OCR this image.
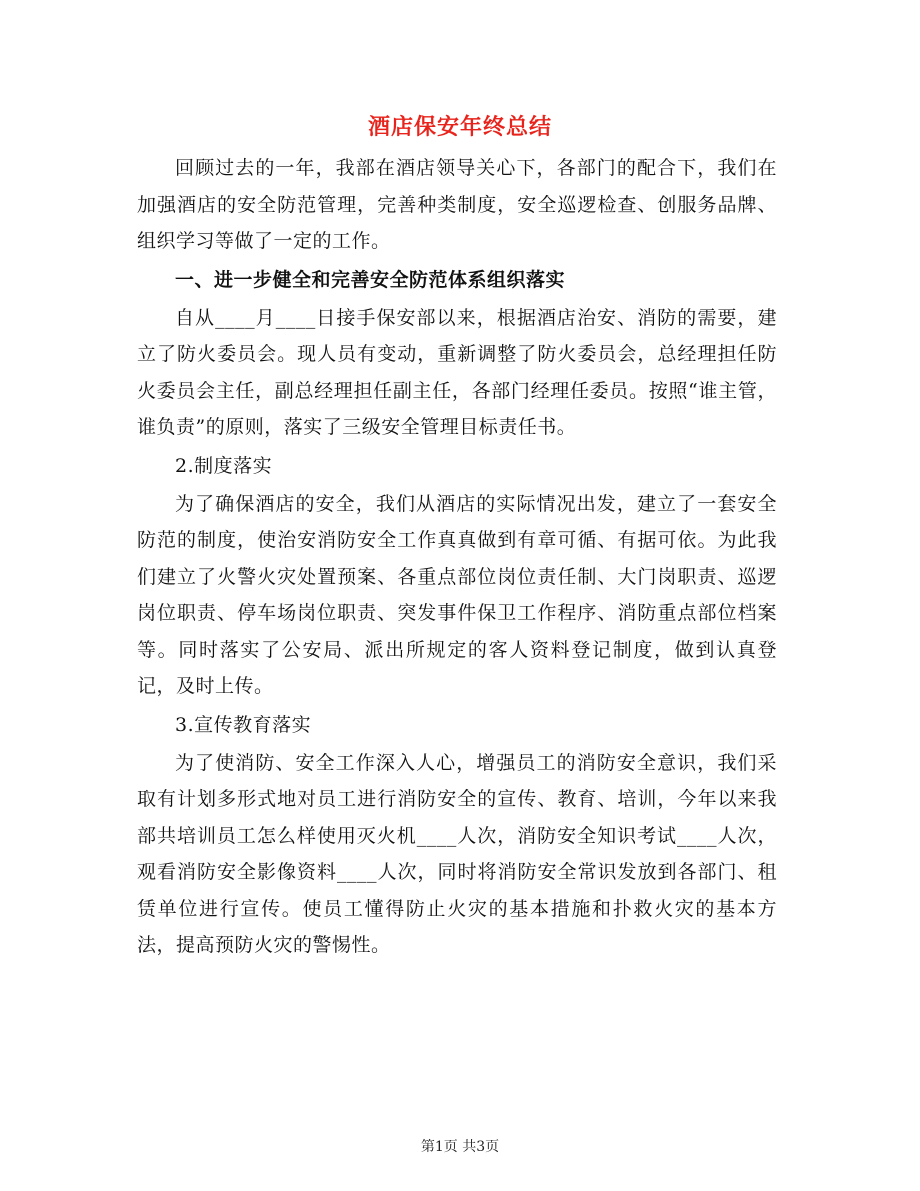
酒店保安年终总结

回顾过去的一年，我部在酒店领导关心下，各部门的配合下，我们在加强酒店的安全防范管理，完善种类制度，安全巡逻检查、创服务品牌、组织学习等做了一定的工作。

一、进一步健全和完善安全防范体系组织落实

自从____月____日接手保安部以来，根据酒店治安、消防的需要，建立了防火委员会。现人员有变动，重新调整了防火委员会，总经理担任防火委员会主任，副总经理担任副主任，各部门经理任委员。按照“谁主管，谁负责”的原则，落实了三级安全管理目标责任书。

2.制度落实

为了确保酒店的安全，我们从酒店的实际情况出发，建立了一套安全防范的制度，使治安消防安全工作真真做到有章可循、有据可依。为此我们建立了火警火灾处置预案、各重点部位岗位责任制、大门岗职责、巡逻岗位职责、停车场岗位职责、突发事件保卫工作程序、消防重点部位档案等。同时落实了公安局、派出所规定的客人资料登记制度，做到认真登记，及时上传。

3.宣传教育落实

为了使消防、安全工作深入人心，增强员工的消防安全意识，我们采取有计划多形式地对员工进行消防安全的宣传、教育、培训，今年以来我部共培训员工怎么样使用灭火机____人次，消防安全知识考试____人次，观看消防安全影像资料____人次，同时将消防安全常识发放到各部门、租赁单位进行宣传。使员工懂得防止火灾的基本措施和扑救火灾的基本方法，提高预防火灾的警惕性。

第1页 共3页
